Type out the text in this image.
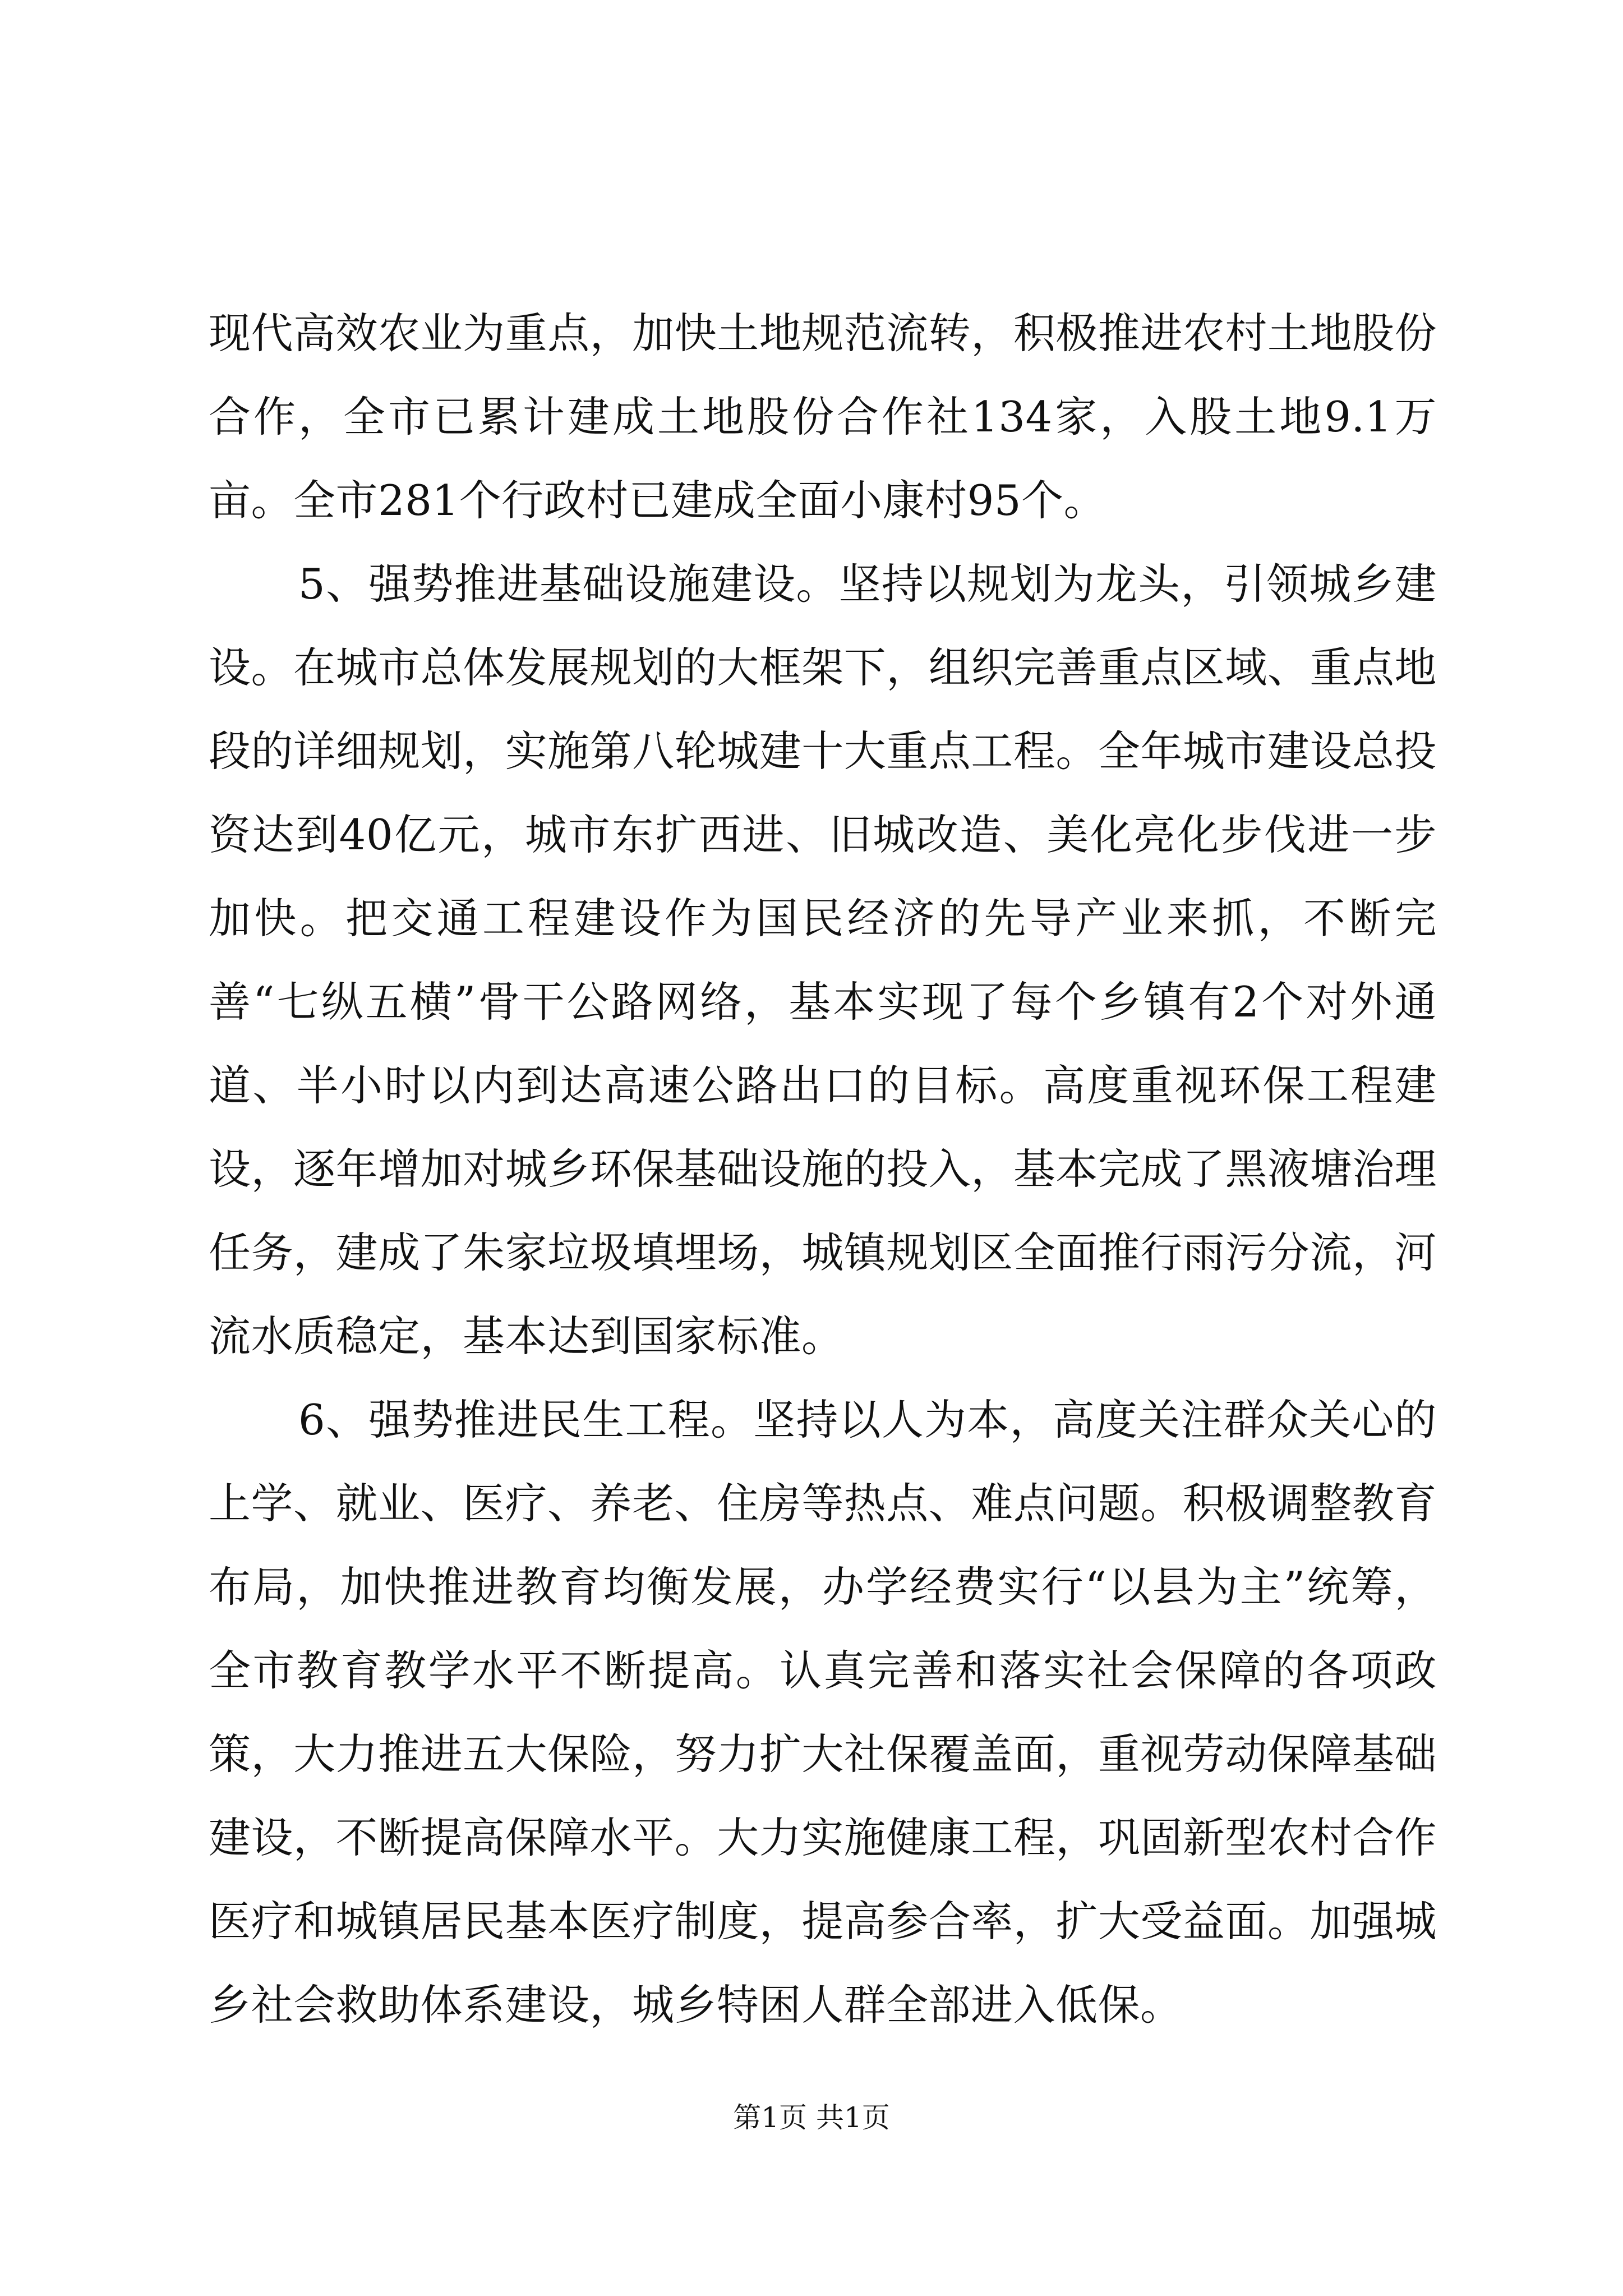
现代高效农业为重点，加快土地规范流转，积极推进农村土地股份合作，全市已累计建成土地股份合作社134家，入股土地9.1万亩。全市281个行政村已建成全面小康村95个。

5、强势推进基础设施建设。坚持以规划为龙头，引领城乡建设。在城市总体发展规划的大框架下，组织完善重点区域、重点地段的详细规划，实施第八轮城建十大重点工程。全年城市建设总投资达到40亿元，城市东扩西进、旧城改造、美化亮化步伐进一步加快。把交通工程建设作为国民经济的先导产业来抓，不断完善“七纵五横”骨干公路网络，基本实现了每个乡镇有2个对外通道、半小时以内到达高速公路出口的目标。高度重视环保工程建设，逐年增加对城乡环保基础设施的投入，基本完成了黑液塘治理任务，建成了朱家垃圾填埋场，城镇规划区全面推行雨污分流，河流水质稳定，基本达到国家标准。

6、强势推进民生工程。坚持以人为本，高度关注群众关心的上学、就业、医疗、养老、住房等热点、难点问题。积极调整教育布局，加快推进教育均衡发展，办学经费实行“以县为主”统筹，全市教育教学水平不断提高。认真完善和落实社会保障的各项政策，大力推进五大保险，努力扩大社保覆盖面，重视劳动保障基础建设，不断提高保障水平。大力实施健康工程，巩固新型农村合作医疗和城镇居民基本医疗制度，提高参合率，扩大受益面。加强城乡社会救助体系建设，城乡特困人群全部进入低保。

第1页 共1页
